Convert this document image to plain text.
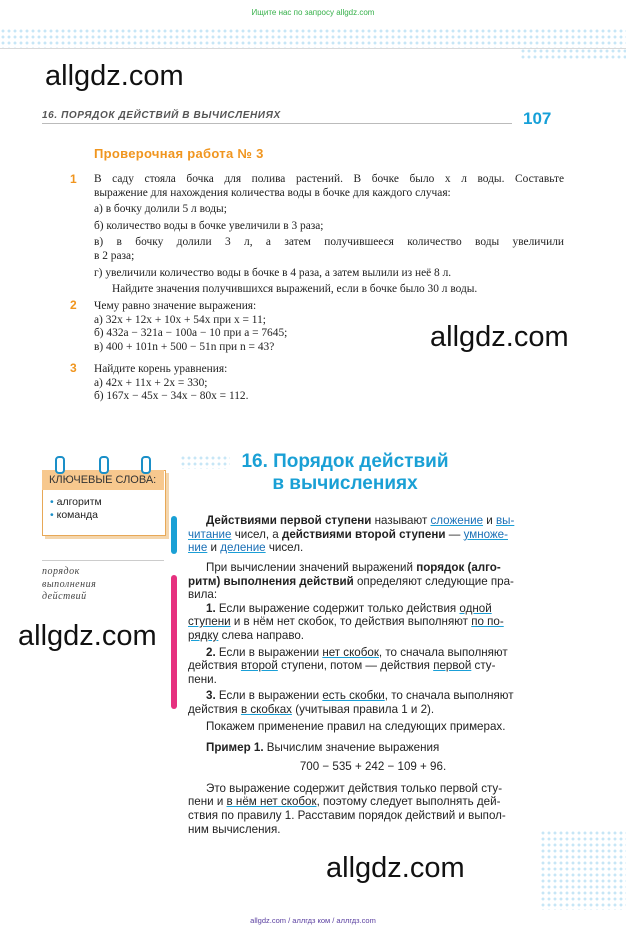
Ищите нас по запросу allgdz.com
16. ПОРЯДОК ДЕЙСТВИЙ В ВЫЧИСЛЕНИЯХ	107
Проверочная работа № 3
1 В саду стояла бочка для полива растений. В бочке было x л воды. Составьте
выражение для нахождения количества воды в бочке для каждого случая:
а) в бочку долили 5 л воды;
б) количество воды в бочке увеличили в 3 раза;
в) в бочку долили 3 л, а затем получившееся количество воды увеличили
в 2 раза;
г) увеличили количество воды в бочке в 4 раза, а затем вылили из неё 8 л.
Найдите значения получившихся выражений, если в бочке было 30 л воды.
2 Чему равно значение выражения:
а) 32x + 12x + 10x + 54x при x = 11;
б) 432a − 321a − 100a − 10 при a = 7645;
в) 400 + 101n + 500 − 51n при n = 43?
3 Найдите корень уравнения:
а) 42x + 11x + 2x = 330;
б) 167x − 45x − 34x − 80x = 112.
16. Порядок действий
в вычислениях
КЛЮЧЕВЫЕ СЛОВА:
• алгоритм
• команда
порядок
выполнения
действий
Действиями первой ступени называют сложение и вы-
читание чисел, а действиями второй ступени — умноже-
ние и деление чисел.
При вычислении значений выражений порядок (алго-
ритм) выполнения действий определяют следующие пра-
вила:
1. Если выражение содержит только действия одной
ступени и в нём нет скобок, то действия выполняют по по-
рядку слева направо.
2. Если в выражении нет скобок, то сначала выполняют
действия второй ступени, потом — действия первой сту-
пени.
3. Если в выражении есть скобки, то сначала выполняют
действия в скобках (учитывая правила 1 и 2).
Покажем применение правил на следующих примерах.
Пример 1. Вычислим значение выражения
700 − 535 + 242 − 109 + 96.
Это выражение содержит действия только первой сту-
пени и в нём нет скобок, поэтому следует выполнять дей-
ствия по правилу 1. Расставим порядок действий и выпол-
ним вычисления.
allgdz.com
allgdz.com
allgdz.com
allgdz.com
allgdz.com / аллгдз ком / аллгдз.com
